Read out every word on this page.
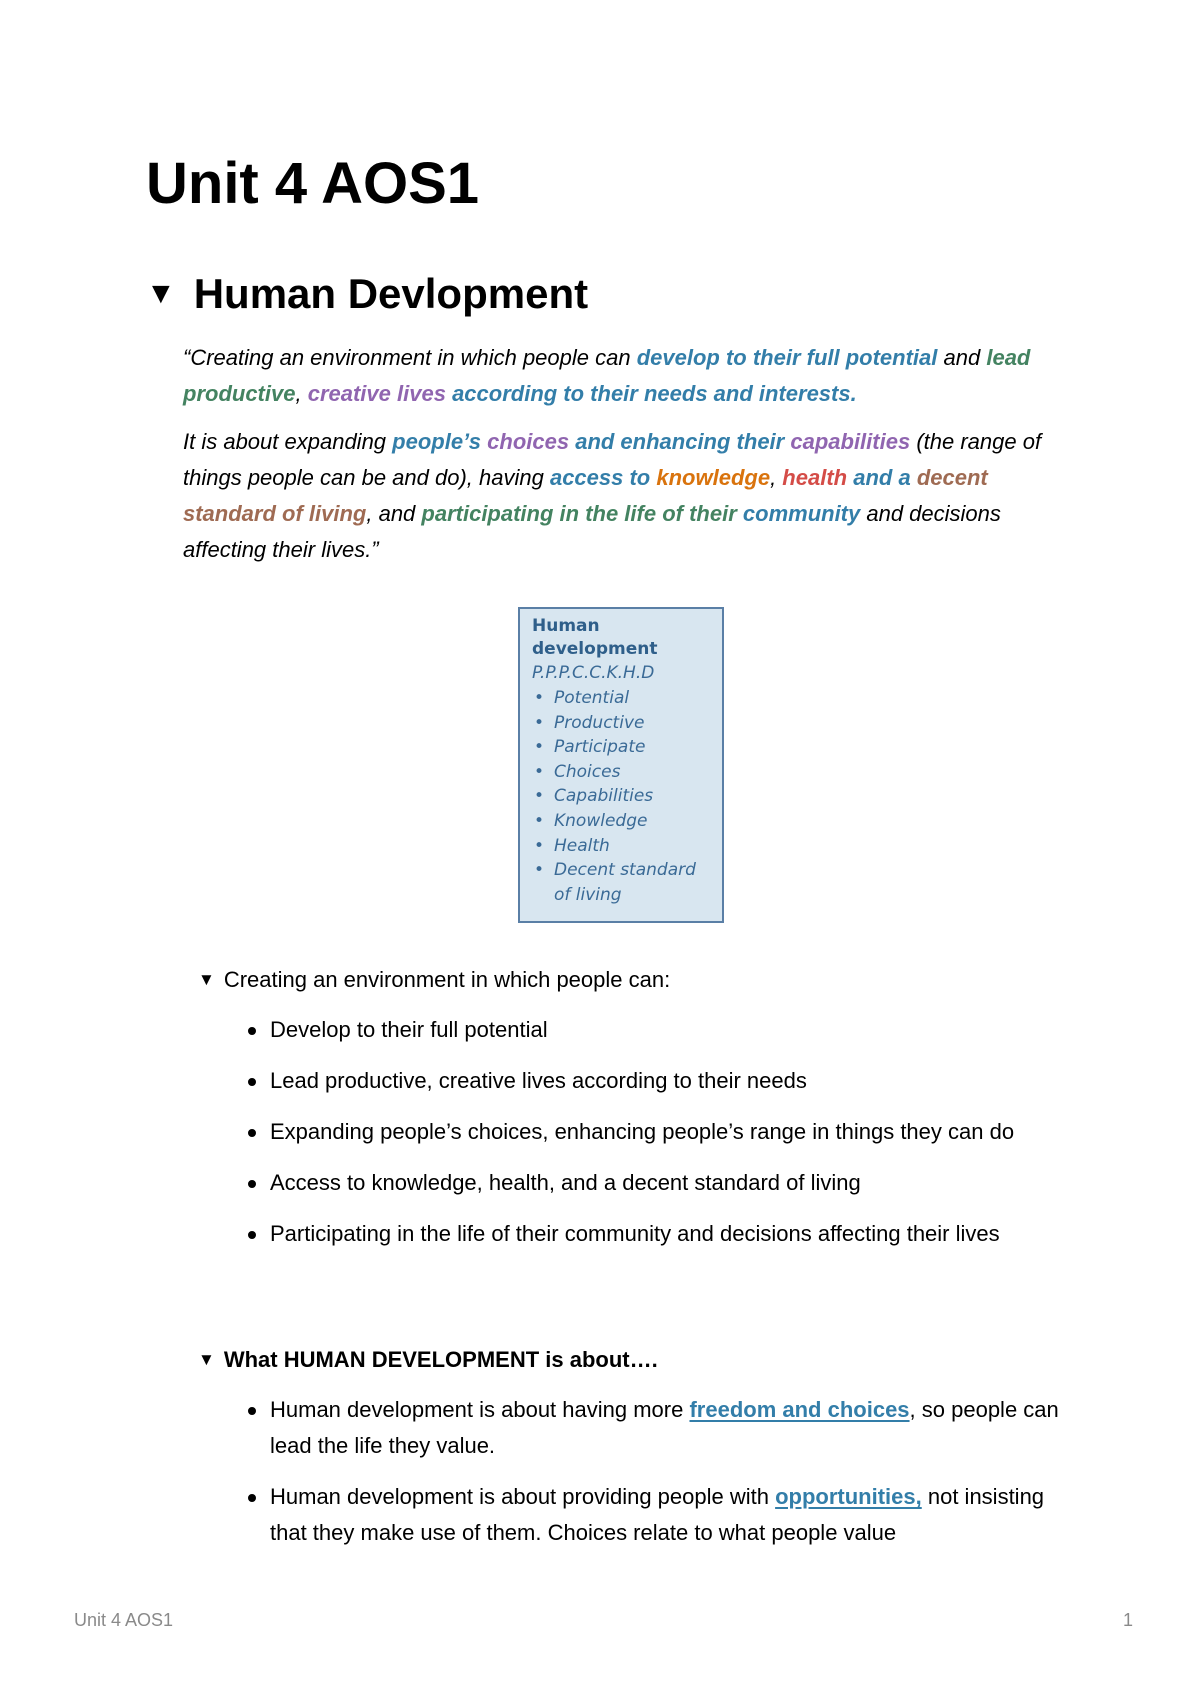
Unit 4 AOS1
▼ Human Devlopment

“Creating an environment in which people can develop to their full potential and lead productive, creative lives according to their needs and interests.

It is about expanding people’s choices and enhancing their capabilities (the range of things people can be and do), having access to knowledge, health and a decent standard of living, and participating in the life of their community and decisions affecting their lives.”

Human
development
P.P.P.C.C.K.H.D
• Potential
• Productive
• Participate
• Choices
• Capabilities
• Knowledge
• Health
• Decent standard of living
▼ Creating an environment in which people can:
Develop to their full potential
Lead productive, creative lives according to their needs
Expanding people’s choices, enhancing people’s range in things they can do
Access to knowledge, health, and a decent standard of living
Participating in the life of their community and decisions affecting their lives
▼ What HUMAN DEVELOPMENT is about….
Human development is about having more freedom and choices, so people can lead the life they value.
Human development is about providing people with opportunities, not insisting that they make use of them. Choices relate to what people value
Unit 4 AOS1	1
